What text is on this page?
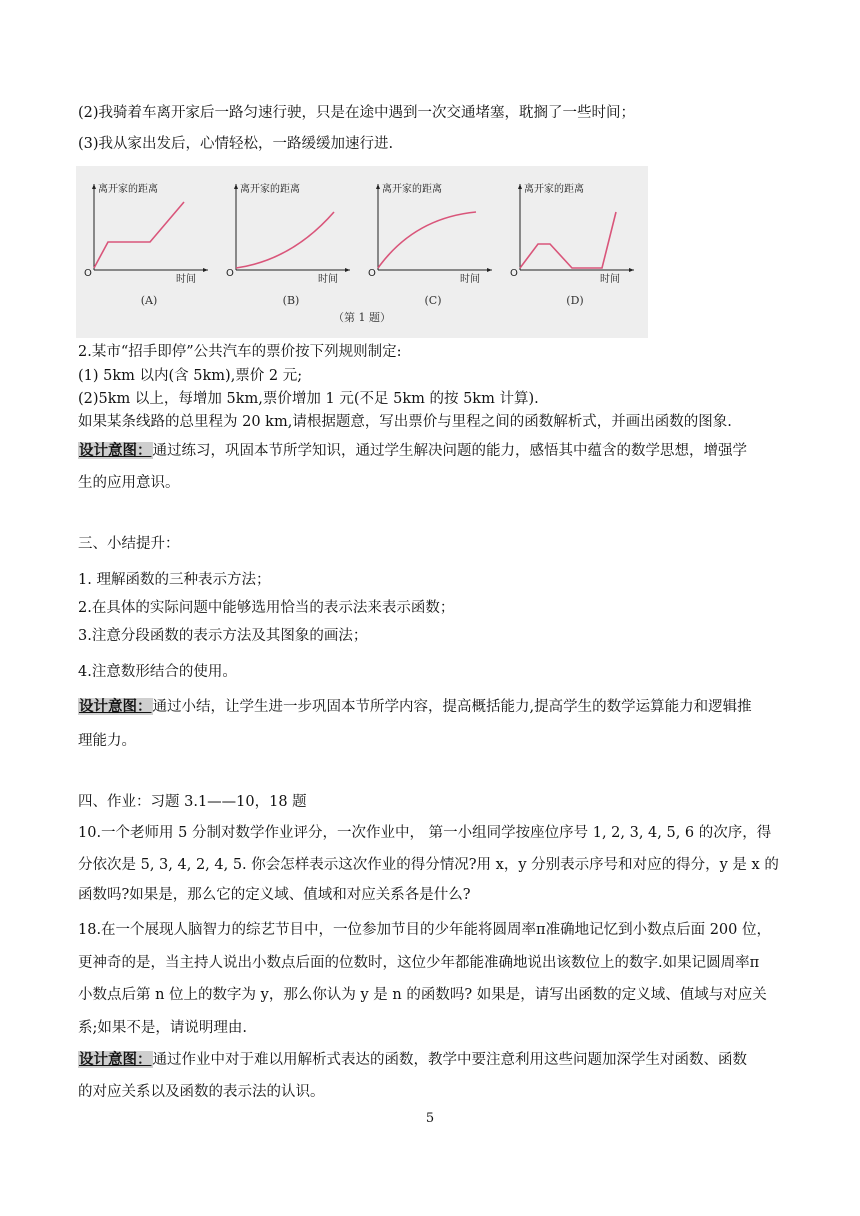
(2)我骑着车离开家后一路匀速行驶，只是在途中遇到一次交通堵塞，耽搁了一些时间；
(3)我从家出发后，心情轻松，一路缓缓加速行进.
离开家的距离
时间
O
(A)
离开家的距离
时间
O
(B)
离开家的距离
时间
O
(C)
离开家的距离
时间
O
(D)
（第 1 题）
2.某市“招手即停”公共汽车的票价按下列规则制定:
(1) 5km 以内(含 5km),票价 2 元;
(2)5km 以上，每增加 5km,票价增加 1 元(不足 5km 的按 5km 计算).
如果某条线路的总里程为 20 km,请根据题意，写出票价与里程之间的函数解析式，并画出函数的图象.
设计意图：通过练习，巩固本节所学知识，通过学生解决问题的能力，感悟其中蕴含的数学思想，增强学
生的应用意识。
三、小结提升：
1. 理解函数的三种表示方法；
2.在具体的实际问题中能够选用恰当的表示法来表示函数；
3.注意分段函数的表示方法及其图象的画法；
4.注意数形结合的使用。
设计意图：通过小结，让学生进一步巩固本节所学内容，提高概括能力,提高学生的数学运算能力和逻辑推
理能力。
四、作业：习题 3.1——10，18 题
10.一个老师用 5 分制对数学作业评分，一次作业中， 第一小组同学按座位序号 1, 2, 3, 4, 5, 6 的次序，得
分依次是 5, 3, 4, 2, 4, 5. 你会怎样表示这次作业的得分情况?用 x，y 分别表示序号和对应的得分，y 是 x 的
函数吗?如果是，那么它的定义域、值域和对应关系各是什么?
18.在一个展现人脑智力的综艺节目中，一位参加节目的少年能将圆周率π准确地记忆到小数点后面 200 位，
更神奇的是，当主持人说出小数点后面的位数时，这位少年都能准确地说出该数位上的数字.如果记圆周率π
小数点后第 n 位上的数字为 y，那么你认为 y 是 n 的函数吗? 如果是，请写出函数的定义域、值域与对应关
系;如果不是，请说明理由.
设计意图：通过作业中对于难以用解析式表达的函数，教学中要注意利用这些问题加深学生对函数、函数
的对应关系以及函数的表示法的认识。
5
